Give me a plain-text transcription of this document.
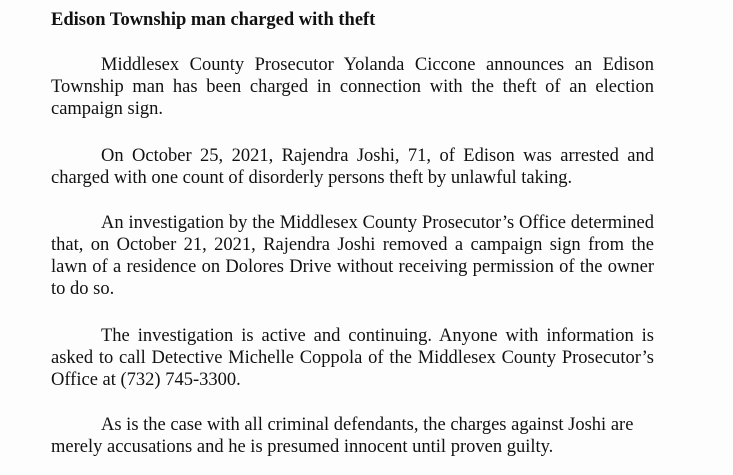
Edison Township man charged with theft

Middlesex County Prosecutor Yolanda Ciccone announces an Edison Township man has been charged in connection with the theft of an election campaign sign.

On October 25, 2021, Rajendra Joshi, 71, of Edison was arrested and charged with one count of disorderly persons theft by unlawful taking.

An investigation by the Middlesex County Prosecutor’s Office determined that, on October 21, 2021, Rajendra Joshi removed a campaign sign from the lawn of a residence on Dolores Drive without receiving permission of the owner to do so.

The investigation is active and continuing. Anyone with information is asked to call Detective Michelle Coppola of the Middlesex County Prosecutor’s Office at (732) 745-3300.

As is the case with all criminal defendants, the charges against Joshi are merely accusations and he is presumed innocent until proven guilty.
